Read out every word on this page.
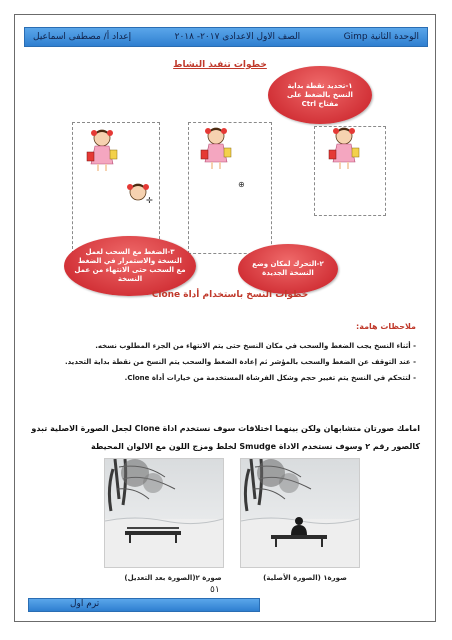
الوحدة الثانية Gimp
الصف الاول الاعدادى ٢٠١٧- ٢٠١٨
إعداد أ/ مصطفى اسماعيل
خطوات تنفيذ النشاط
١-تحديد نقطة بداية النسخ بالضغط على مفتاح Ctrl
⊕
✛
٢-التحرك لمكان وضع النسخة الجديدة
٣-الضغط مع السحب لعمل النسخة والاستمرار في الضغط مع السحب حتى الانتهاء من عمل النسخة
خطوات النسخ باستخدام أداة Clone
ملاحظات هامة:
- أثناء النسخ يجب الضغط والسحب في مكان النسخ حتى يتم الانتهاء من الجزء المطلوب نسخه.
- عند التوقف عن الضغط والسحب بالمؤشر ثم إعادة الضغط والسحب يتم النسخ من نقطة بداية التحديد.
- لتتحكم في النسخ يتم تغيير حجم وشكل الفرشاة المستخدمة من خيارات أداة Clone.
امامك صورتان متشابهان ولكن بينهما اختلافات سوف نستخدم اداة Clone لجعل الصورة الاصلية تبدو
كالصور رقم ٢ وسوف نستخدم الاداة Smudge لخلط ومزج اللون مع الالوان المحيطة
صورة ٢(الصورة بعد التعديل)	صورة١ (الصورة الأصلية)
٥١
ترم اول
